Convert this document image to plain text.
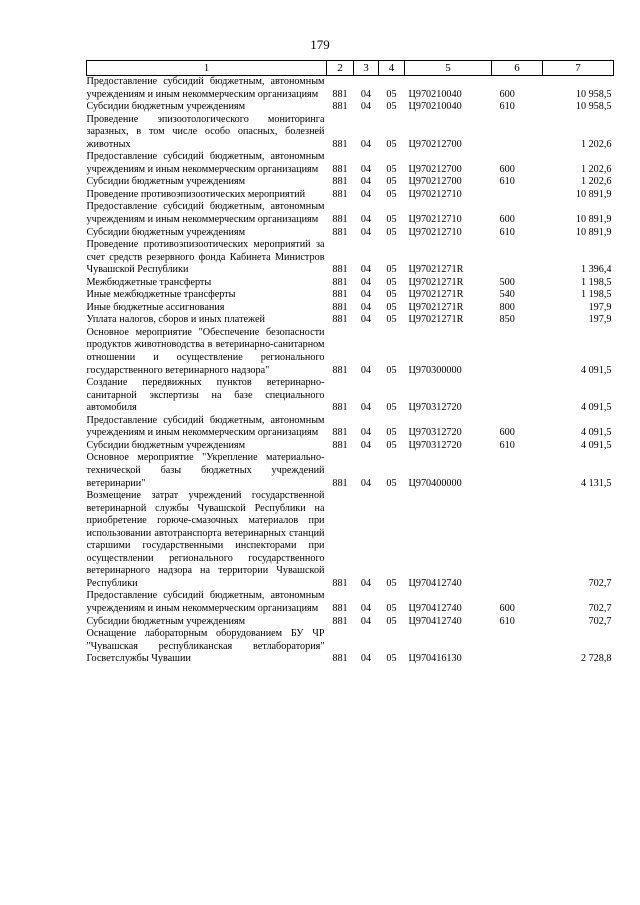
179
1	2	3	4	5	6	7
Предоставление субсидий бюджетным, автономным учреждениям и иным некоммерческим организациям	881	04	05	Ц970210040	600	10 958,5
Субсидии бюджетным учреждениям	881	04	05	Ц970210040	610	10 958,5
Проведение эпизоотологического мониторинга заразных, в том числе особо опасных, болезней животных	881	04	05	Ц970212700		1 202,6
Предоставление субсидий бюджетным, автономным учреждениям и иным некоммерческим организациям	881	04	05	Ц970212700	600	1 202,6
Субсидии бюджетным учреждениям	881	04	05	Ц970212700	610	1 202,6
Проведение противоэпизоотических мероприятий	881	04	05	Ц970212710		10 891,9
Предоставление субсидий бюджетным, автономным учреждениям и иным некоммерческим организациям	881	04	05	Ц970212710	600	10 891,9
Субсидии бюджетным учреждениям	881	04	05	Ц970212710	610	10 891,9
Проведение противоэпизоотических мероприятий за счет средств резервного фонда Кабинета Министров Чувашской Республики	881	04	05	Ц97021271R		1 396,4
Межбюджетные трансферты	881	04	05	Ц97021271R	500	1 198,5
Иные межбюджетные трансферты	881	04	05	Ц97021271R	540	1 198,5
Иные бюджетные ассигнования	881	04	05	Ц97021271R	800	197,9
Уплата налогов, сборов и иных платежей	881	04	05	Ц97021271R	850	197,9
Основное мероприятие "Обеспечение безопасности продуктов животноводства в ветеринарно-санитарном отношении и осуществление регионального государственного ветеринарного надзора"	881	04	05	Ц970300000		4 091,5
Создание передвижных пунктов ветеринарно-санитарной экспертизы на базе специального автомобиля	881	04	05	Ц970312720		4 091,5
Предоставление субсидий бюджетным, автономным учреждениям и иным некоммерческим организациям	881	04	05	Ц970312720	600	4 091,5
Субсидии бюджетным учреждениям	881	04	05	Ц970312720	610	4 091,5
Основное мероприятие "Укрепление материально-технической базы бюджетных учреждений ветеринарии"	881	04	05	Ц970400000		4 131,5
Возмещение затрат учреждений государственной ветеринарной службы Чувашской Республики на приобретение горюче-смазочных материалов при использовании автотранспорта ветеринарных станций старшими государственными инспекторами при осуществлении регионального государственного ветеринарного надзора на территории Чувашской Республики	881	04	05	Ц970412740		702,7
Предоставление субсидий бюджетным, автономным учреждениям и иным некоммерческим организациям	881	04	05	Ц970412740	600	702,7
Субсидии бюджетным учреждениям	881	04	05	Ц970412740	610	702,7
Оснащение лабораторным оборудованием БУ ЧР "Чувашская республиканская ветлаборатория" Госветслужбы Чувашии	881	04	05	Ц970416130		2 728,8
